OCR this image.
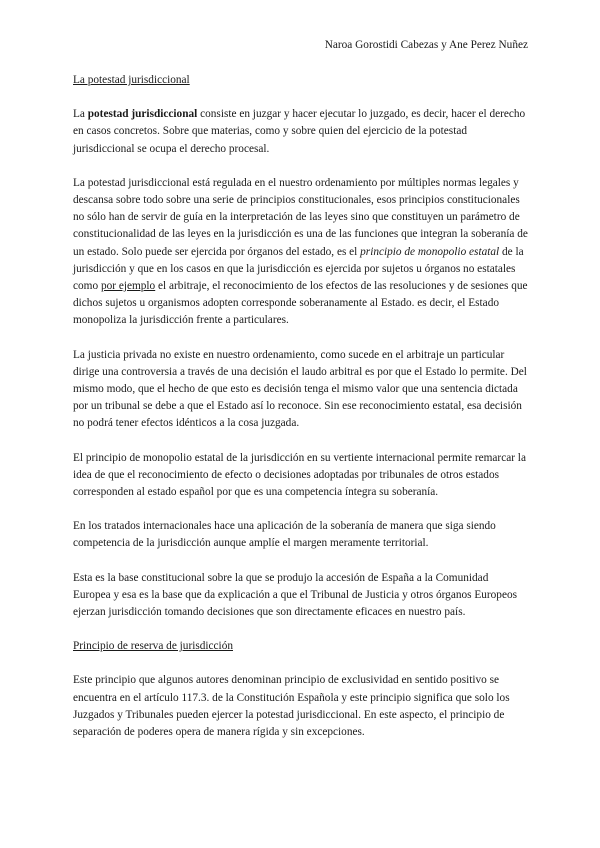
Naroa Gorostidi Cabezas y Ane Perez Nuñez
La potestad jurisdiccional

La potestad jurisdiccional consiste en juzgar y hacer ejecutar lo juzgado, es decir, hacer el derecho en casos concretos. Sobre que materias, como y sobre quien del ejercicio de la potestad jurisdiccional se ocupa el derecho procesal.

La potestad jurisdiccional está regulada en el nuestro ordenamiento por múltiples normas legales y descansa sobre todo sobre una serie de principios constitucionales, esos principios constitucionales no sólo han de servir de guía en la interpretación de las leyes sino que constituyen un parámetro de constitucionalidad de las leyes en la jurisdicción es una de las funciones que integran la soberanía de un estado. Solo puede ser ejercida por órganos del estado, es el principio de monopolio estatal de la jurisdicción y que en los casos en que la jurisdicción es ejercida por sujetos u órganos no estatales como por ejemplo el arbitraje, el reconocimiento de los efectos de las resoluciones y de sesiones que dichos sujetos u organismos adopten corresponde soberanamente al Estado. es decir, el Estado monopoliza la jurisdicción frente a particulares.

La justicia privada no existe en nuestro ordenamiento, como sucede en el arbitraje un particular dirige una controversia a través de una decisión el laudo arbitral es por que el Estado lo permite. Del mismo modo, que el hecho de que esto es decisión tenga el mismo valor que una sentencia dictada por un tribunal se debe a que el Estado así lo reconoce. Sin ese reconocimiento estatal, esa decisión no podrá tener efectos idénticos a la cosa juzgada.

El principio de monopolio estatal de la jurisdicción en su vertiente internacional permite remarcar la idea de que el reconocimiento de efecto o decisiones adoptadas por tribunales de otros estados corresponden al estado español por que es una competencia íntegra su soberanía.

En los tratados internacionales hace una aplicación de la soberanía de manera que siga siendo competencia de la jurisdicción aunque amplíe el margen meramente territorial.

Esta es la base constitucional sobre la que se produjo la accesión de España a la Comunidad Europea y esa es la base que da explicación a que el Tribunal de Justicia y otros órganos Europeos ejerzan jurisdicción tomando decisiones que son directamente eficaces en nuestro país.

Principio de reserva de jurisdicción

Este principio que algunos autores denominan principio de exclusividad en sentido positivo se encuentra en el artículo 117.3. de la Constitución Española y este principio significa que solo los Juzgados y Tribunales pueden ejercer la potestad jurisdiccional. En este aspecto, el principio de separación de poderes opera de manera rígida y sin excepciones.
